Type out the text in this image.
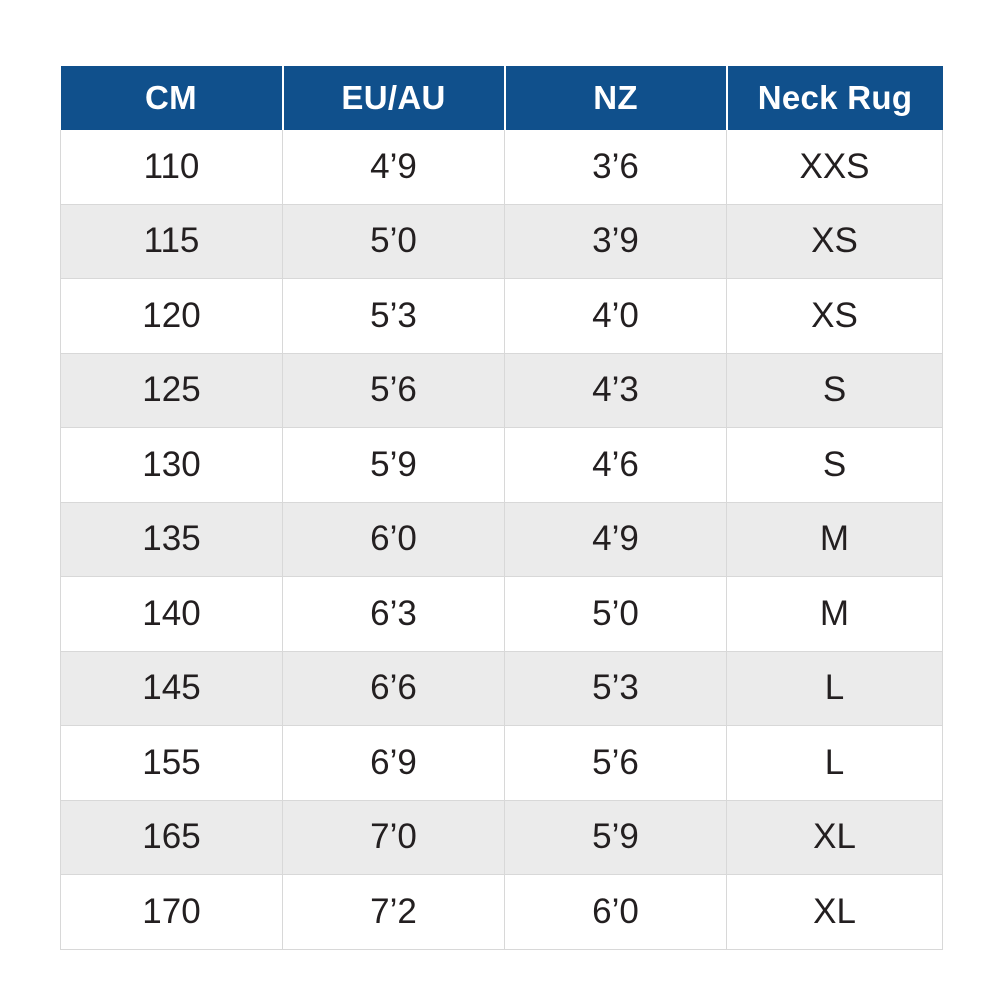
CM	EU/AU	NZ	Neck Rug
110	4’9	3’6	XXS
115	5’0	3’9	XS
120	5’3	4’0	XS
125	5’6	4’3	S
130	5’9	4’6	S
135	6’0	4’9	M
140	6’3	5’0	M
145	6’6	5’3	L
155	6’9	5’6	L
165	7’0	5’9	XL
170	7’2	6’0	XL
